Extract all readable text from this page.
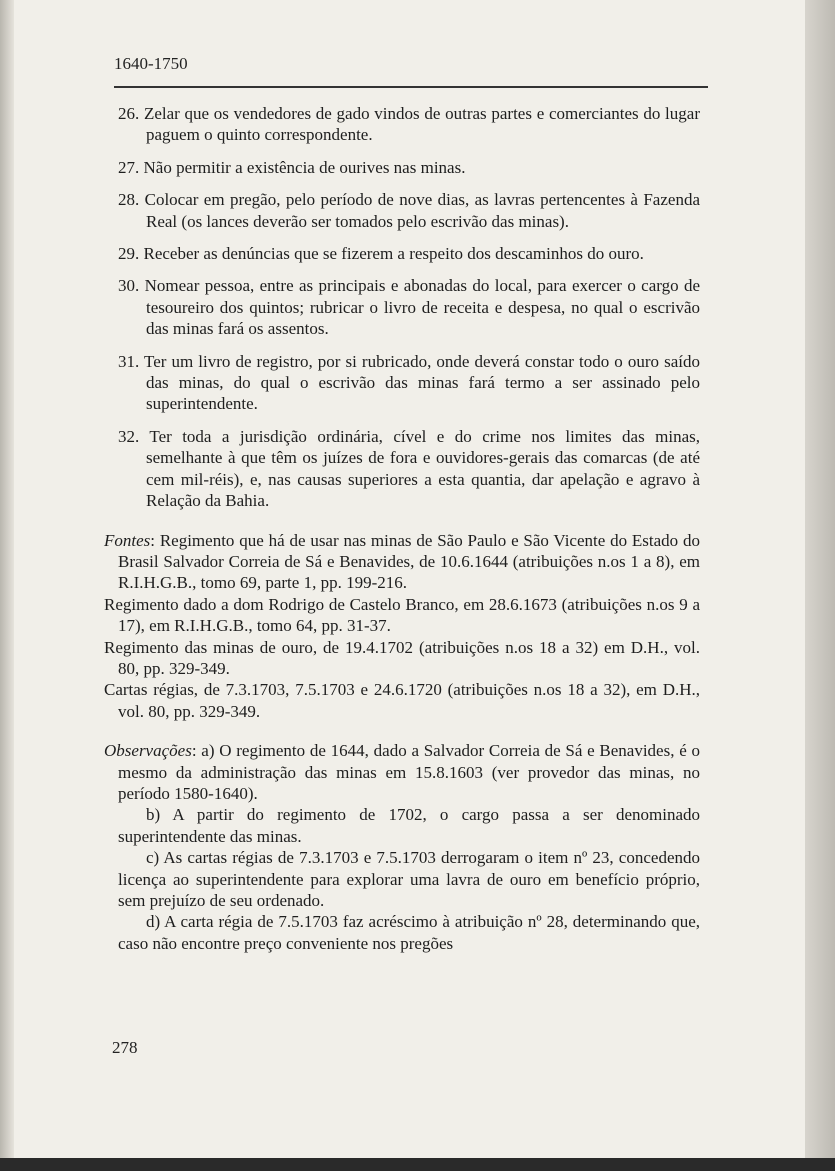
1640-1750

26. Zelar que os vendedores de gado vindos de outras partes e comerciantes do lugar paguem o quinto correspondente.

27. Não permitir a existência de ourives nas minas.

28. Colocar em pregão, pelo período de nove dias, as lavras pertencentes à Fazenda Real (os lances deverão ser tomados pelo escrivão das minas).

29. Receber as denúncias que se fizerem a respeito dos descaminhos do ouro.

30. Nomear pessoa, entre as principais e abonadas do local, para exercer o cargo de tesoureiro dos quintos; rubricar o livro de receita e despesa, no qual o escrivão das minas fará os assentos.

31. Ter um livro de registro, por si rubricado, onde deverá constar todo o ouro saído das minas, do qual o escrivão das minas fará termo a ser assinado pelo superintendente.

32. Ter toda a jurisdição ordinária, cível e do crime nos limites das minas, semelhante à que têm os juízes de fora e ouvidores-gerais das comarcas (de até cem mil-réis), e, nas causas superiores a esta quantia, dar apelação e agravo à Relação da Bahia.

Fontes: Regimento que há de usar nas minas de São Paulo e São Vicente do Estado do Brasil Salvador Correia de Sá e Benavides, de 10.6.1644 (atribuições n.os 1 a 8), em R.I.H.G.B., tomo 69, parte 1, pp. 199-216.

Regimento dado a dom Rodrigo de Castelo Branco, em 28.6.1673 (atribuições n.os 9 a 17), em R.I.H.G.B., tomo 64, pp. 31-37.

Regimento das minas de ouro, de 19.4.1702 (atribuições n.os 18 a 32) em D.H., vol. 80, pp. 329-349.

Cartas régias, de 7.3.1703, 7.5.1703 e 24.6.1720 (atribuições n.os 18 a 32), em D.H., vol. 80, pp. 329-349.

Observações: a) O regimento de 1644, dado a Salvador Correia de Sá e Benavides, é o mesmo da administração das minas em 15.8.1603 (ver provedor das minas, no período 1580-1640).

b) A partir do regimento de 1702, o cargo passa a ser denominado superintendente das minas.

c) As cartas régias de 7.3.1703 e 7.5.1703 derrogaram o item nº 23, concedendo licença ao superintendente para explorar uma lavra de ouro em benefício próprio, sem prejuízo de seu ordenado.

d) A carta régia de 7.5.1703 faz acréscimo à atribuição nº 28, determinando que, caso não encontre preço conveniente nos pregões

278
